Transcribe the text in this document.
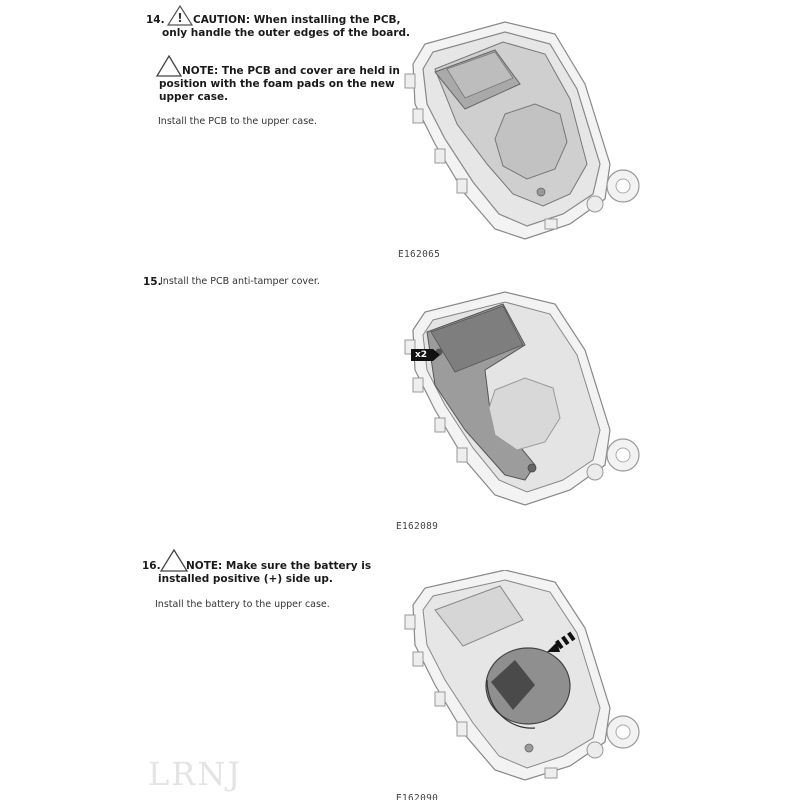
14. ! CAUTION: When installing the PCB,
only handle the outer edges of the board.
NOTE: The PCB and cover are held in
position with the foam pads on the new
upper case.
Install the PCB to the upper case.
E162065
15.
Install the PCB anti-tamper cover.
x2
E162089
16. NOTE: Make sure the battery is
installed positive (+) side up.
Install the battery to the upper case.
E162090
LRNJ
